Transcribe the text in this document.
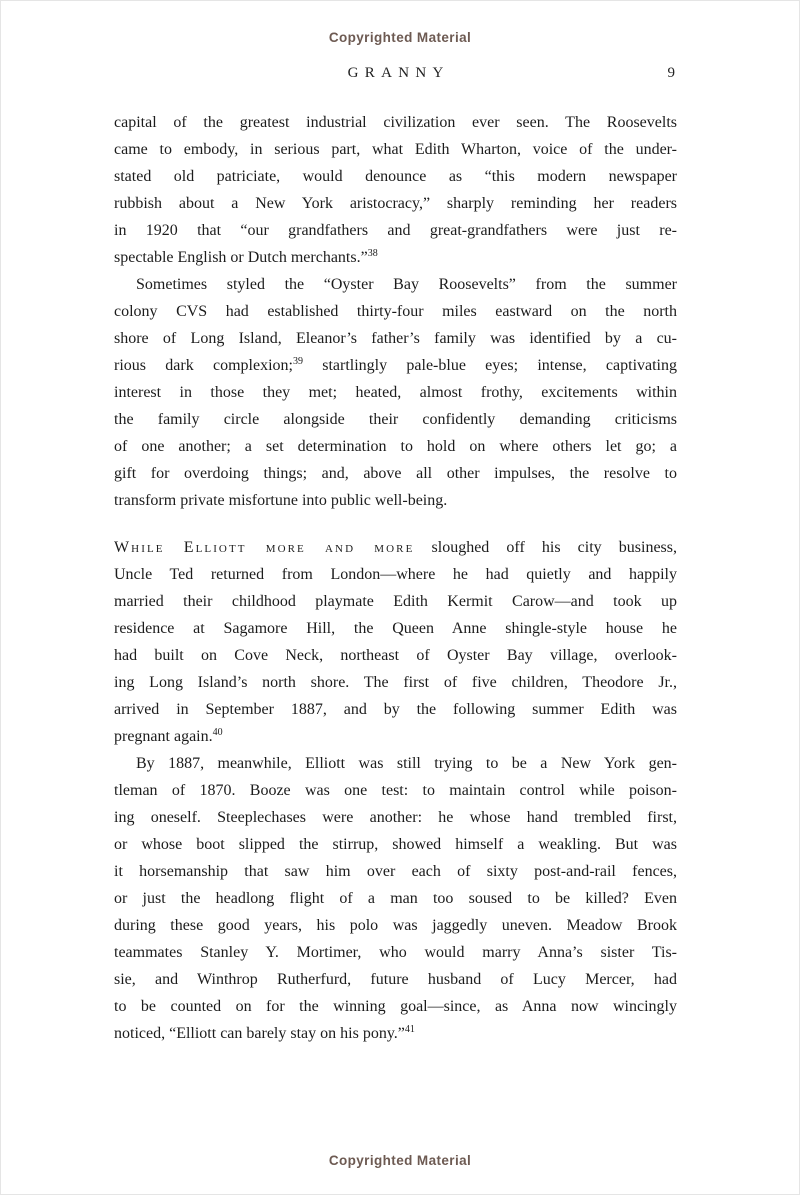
Copyrighted Material
GRANNY	9
capital of the greatest industrial civilization ever seen. The Roosevelts
came to embody, in serious part, what Edith Wharton, voice of the under-
stated old patriciate, would denounce as “this modern newspaper
rubbish about a New York aristocracy,” sharply reminding her readers
in 1920 that “our grandfathers and great-grandfathers were just re-
spectable English or Dutch merchants.”$^{38}$
Sometimes styled the “Oyster Bay Roosevelts” from the summer
colony CVS had established thirty-four miles eastward on the north
shore of Long Island, Eleanor’s father’s family was identified by a cu-
rious dark complexion;$^{39}$ startlingly pale-blue eyes; intense, captivating
interest in those they met; heated, almost frothy, excitements within
the family circle alongside their confidently demanding criticisms
of one another; a set determination to hold on where others let go; a
gift for overdoing things; and, above all other impulses, the resolve to
transform private misfortune into public well-being.
While Elliott more and more sloughed off his city business,
Uncle Ted returned from London—where he had quietly and happily
married their childhood playmate Edith Kermit Carow—and took up
residence at Sagamore Hill, the Queen Anne shingle-style house he
had built on Cove Neck, northeast of Oyster Bay village, overlook-
ing Long Island’s north shore. The first of five children, Theodore Jr.,
arrived in September 1887, and by the following summer Edith was
pregnant again.$^{40}$
By 1887, meanwhile, Elliott was still trying to be a New York gen-
tleman of 1870. Booze was one test: to maintain control while poison-
ing oneself. Steeplechases were another: he whose hand trembled first,
or whose boot slipped the stirrup, showed himself a weakling. But was
it horsemanship that saw him over each of sixty post-and-rail fences,
or just the headlong flight of a man too soused to be killed? Even
during these good years, his polo was jaggedly uneven. Meadow Brook
teammates Stanley Y. Mortimer, who would marry Anna’s sister Tis-
sie, and Winthrop Rutherfurd, future husband of Lucy Mercer, had
to be counted on for the winning goal—since, as Anna now wincingly
noticed, “Elliott can barely stay on his pony.”$^{41}$
Copyrighted Material
